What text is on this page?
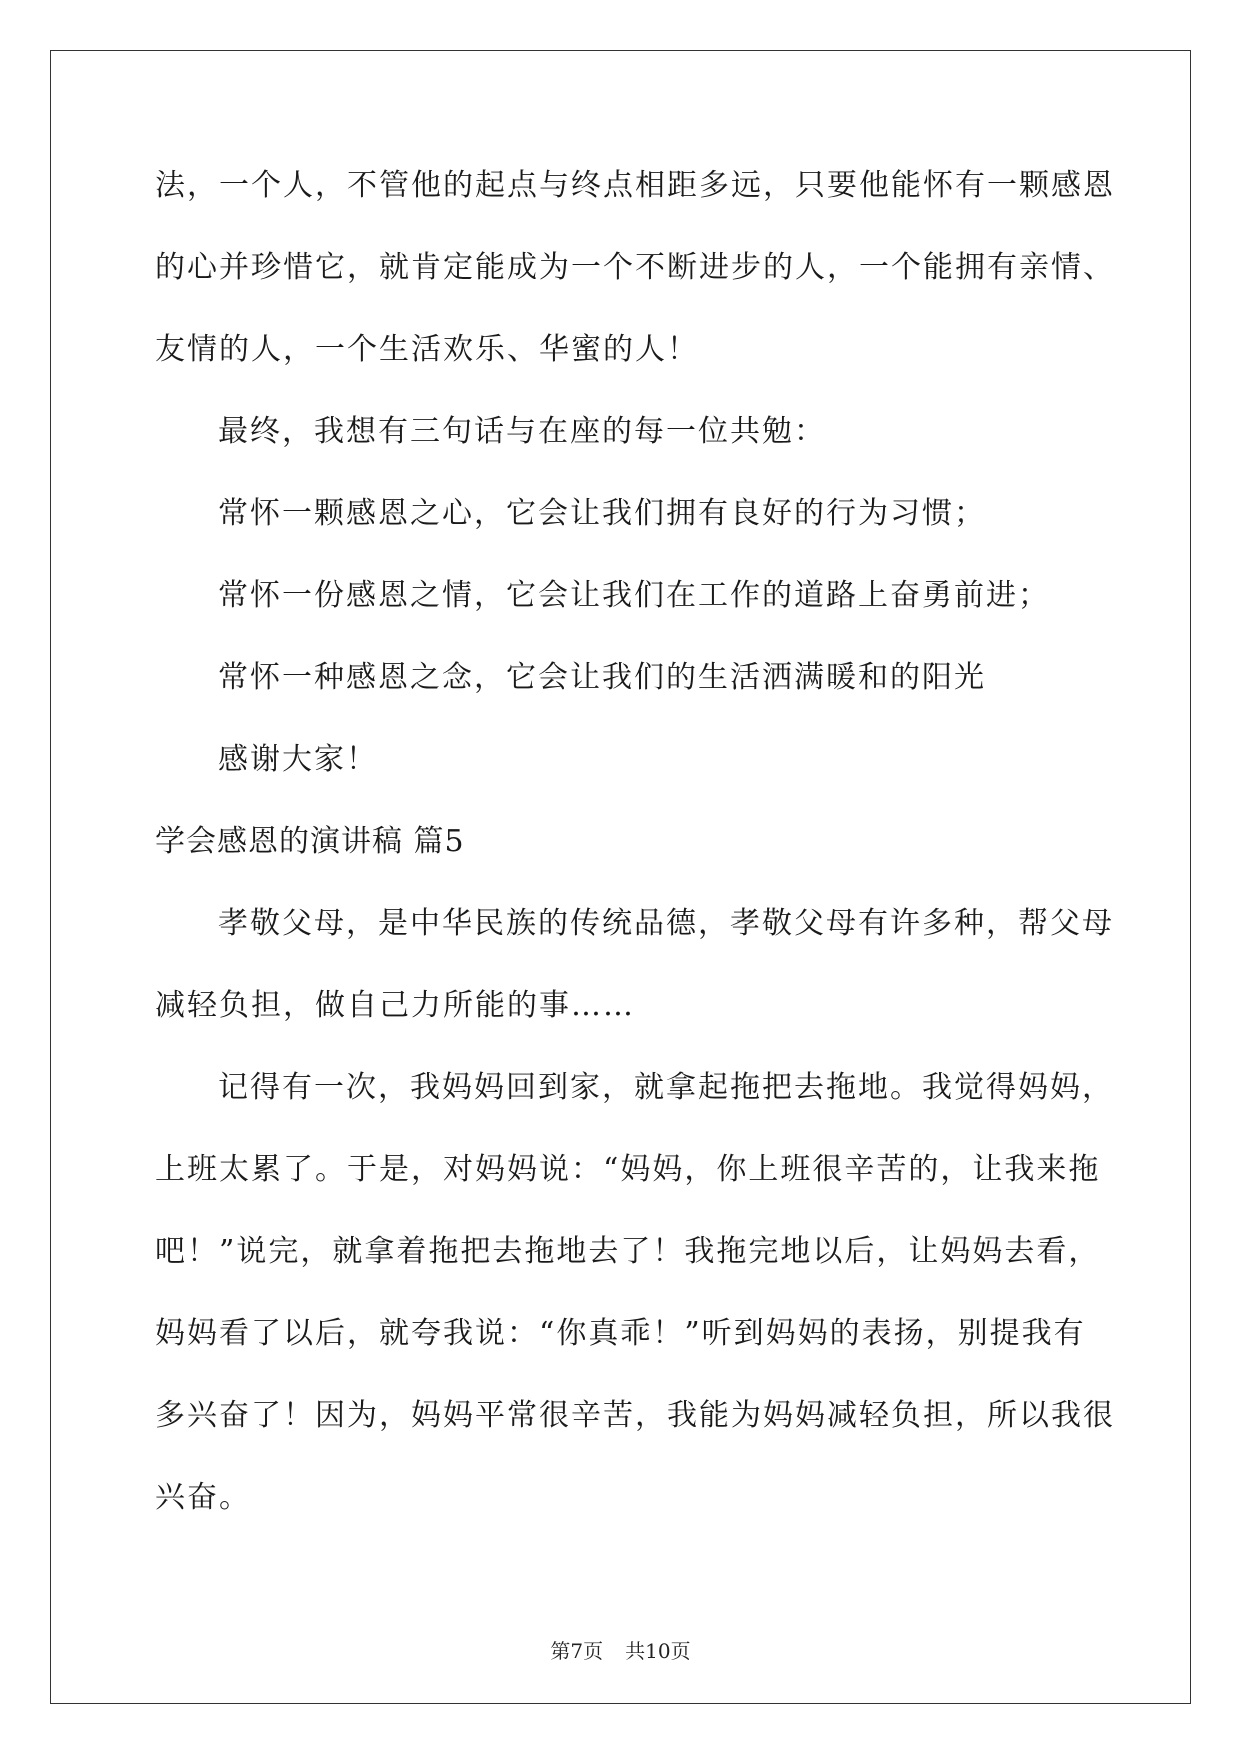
法，一个人，不管他的起点与终点相距多远，只要他能怀有一颗感恩
的心并珍惜它，就肯定能成为一个不断进步的人，一个能拥有亲情、
友情的人，一个生活欢乐、华蜜的人！
最终，我想有三句话与在座的每一位共勉：
常怀一颗感恩之心，它会让我们拥有良好的行为习惯；
常怀一份感恩之情，它会让我们在工作的道路上奋勇前进；
常怀一种感恩之念，它会让我们的生活洒满暖和的阳光
感谢大家！
学会感恩的演讲稿 篇5
孝敬父母，是中华民族的传统品德，孝敬父母有许多种，帮父母
减轻负担，做自己力所能的事……
记得有一次，我妈妈回到家，就拿起拖把去拖地。我觉得妈妈，
上班太累了。于是，对妈妈说：“妈妈，你上班很辛苦的，让我来拖
吧！”说完，就拿着拖把去拖地去了！我拖完地以后，让妈妈去看，
妈妈看了以后，就夸我说：“你真乖！”听到妈妈的表扬，别提我有
多兴奋了！因为，妈妈平常很辛苦，我能为妈妈减轻负担，所以我很
兴奋。
第7页 共10页
